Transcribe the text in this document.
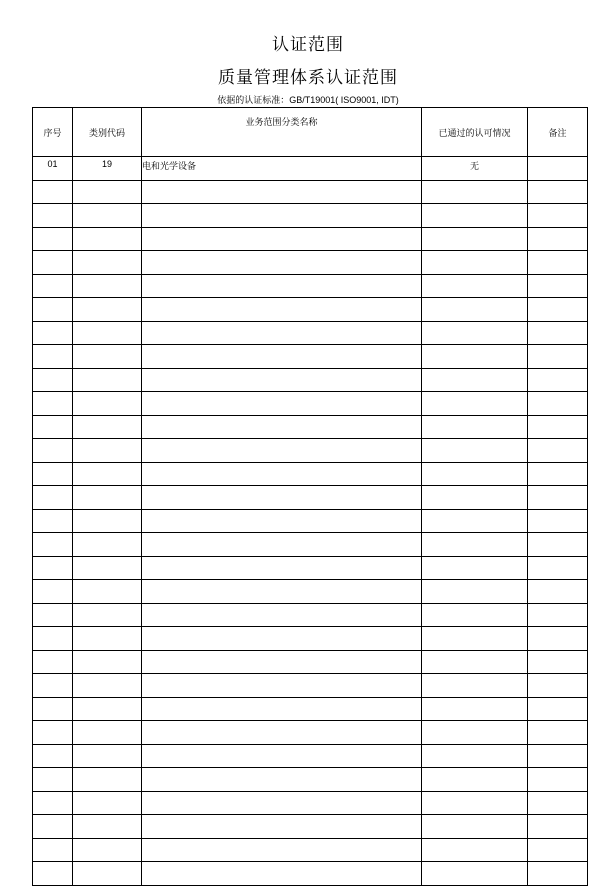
认证范围
质量管理体系认证范围
依据的认证标准：GB/T19001( ISO9001, IDT)
序号	类别代码	业务范围分类名称	已通过的认可情况	备注
01	19	电和光学设备	无	
